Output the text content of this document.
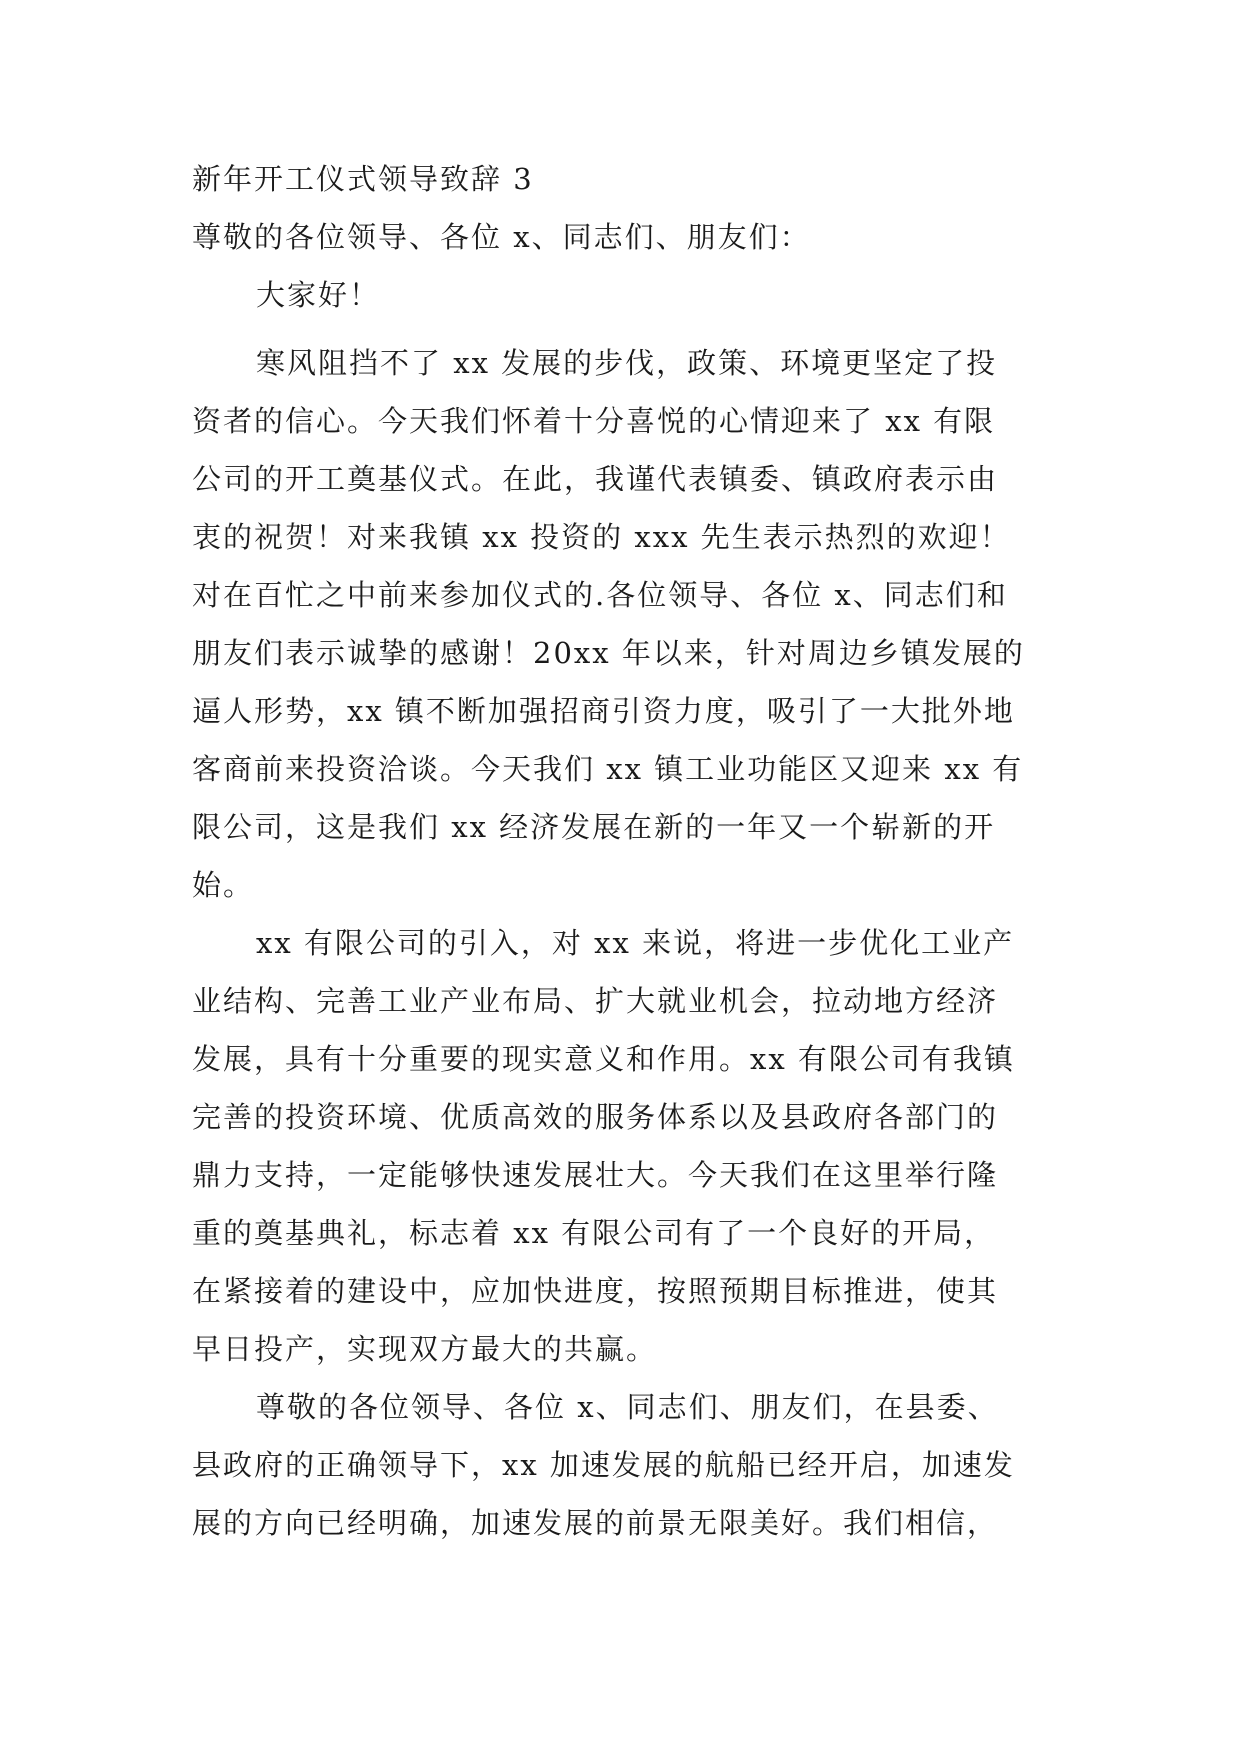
新年开工仪式领导致辞 3
尊敬的各位领导、各位 x、同志们、朋友们：
大家好！
寒风阻挡不了 xx 发展的步伐，政策、环境更坚定了投
资者的信心。今天我们怀着十分喜悦的心情迎来了 xx 有限
公司的开工奠基仪式。在此，我谨代表镇委、镇政府表示由
衷的祝贺！对来我镇 xx 投资的 xxx 先生表示热烈的欢迎！
对在百忙之中前来参加仪式的.各位领导、各位 x、同志们和
朋友们表示诚挚的感谢！20xx 年以来，针对周边乡镇发展的
逼人形势，xx 镇不断加强招商引资力度，吸引了一大批外地
客商前来投资洽谈。今天我们 xx 镇工业功能区又迎来 xx 有
限公司，这是我们 xx 经济发展在新的一年又一个崭新的开
始。
xx 有限公司的引入，对 xx 来说，将进一步优化工业产
业结构、完善工业产业布局、扩大就业机会，拉动地方经济
发展，具有十分重要的现实意义和作用。xx 有限公司有我镇
完善的投资环境、优质高效的服务体系以及县政府各部门的
鼎力支持，一定能够快速发展壮大。今天我们在这里举行隆
重的奠基典礼，标志着 xx 有限公司有了一个良好的开局，
在紧接着的建设中，应加快进度，按照预期目标推进，使其
早日投产，实现双方最大的共赢。
尊敬的各位领导、各位 x、同志们、朋友们，在县委、
县政府的正确领导下，xx 加速发展的航船已经开启，加速发
展的方向已经明确，加速发展的前景无限美好。我们相信，
